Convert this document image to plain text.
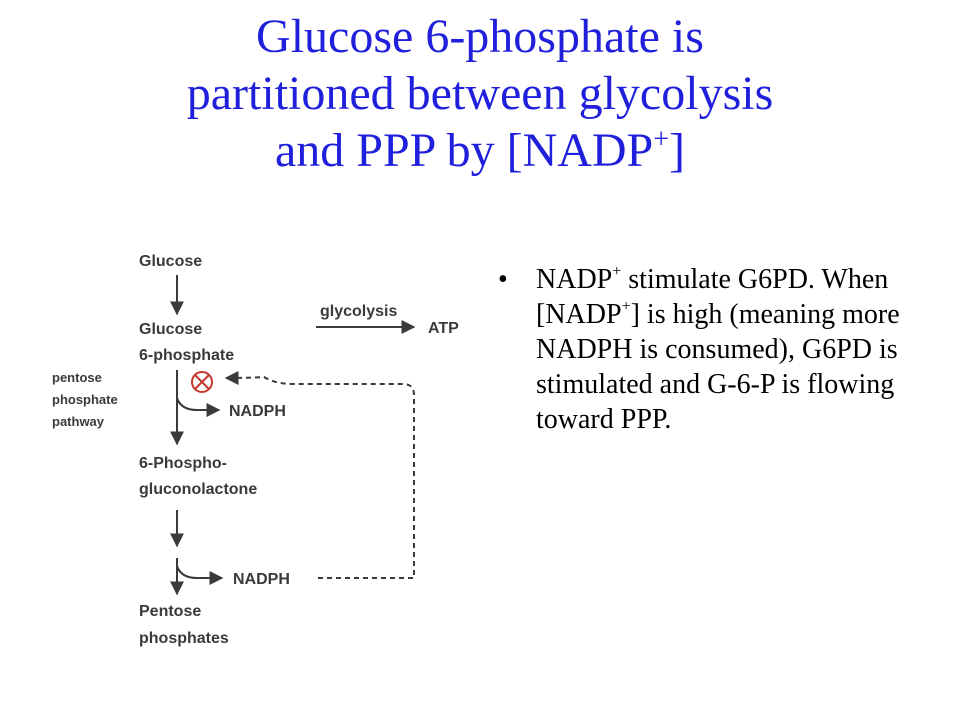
Glucose 6-phosphate is
partitioned between glycolysis
and PPP by [NADP+]
Glucose
Glucose
6-phosphate
glycolysis
ATP
pentose
phosphate
pathway
NADPH
6-Phospho-
gluconolactone
NADPH
Pentose
phosphates
•	NADP+ stimulate G6PD. When [NADP+] is high (meaning more NADPH is consumed), G6PD is stimulated and G-6-P is flowing toward PPP.
